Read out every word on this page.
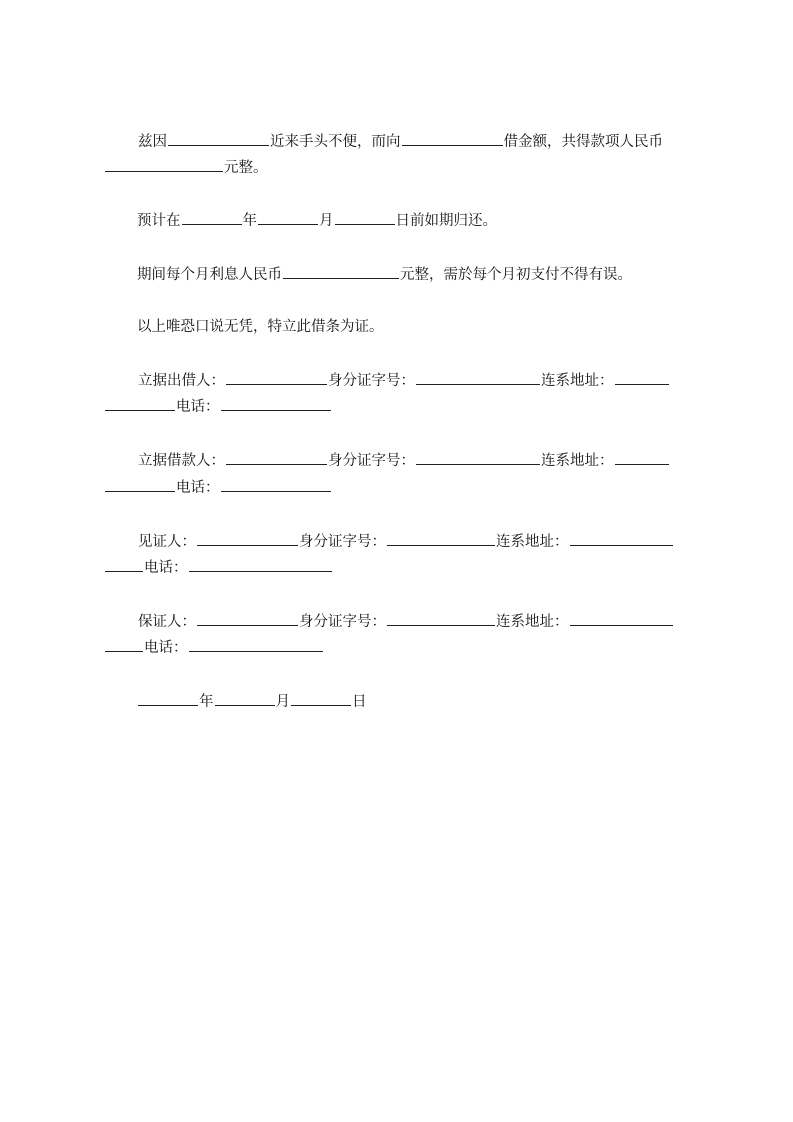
兹因	近来手头不便，而向	借金额，共得款项人民币
元整。
预计在	年	月	日前如期归还。
期间每个月利息人民币	元整，需於每个月初支付不得有误。
以上唯恐口说无凭，特立此借条为证。
立据出借人：	身分证字号：	连系地址：
电话：
立据借款人：	身分证字号：	连系地址：
电话：
见证人：	身分证字号：	连系地址：
电话：
保证人：	身分证字号：	连系地址：
电话：
年	月	日
